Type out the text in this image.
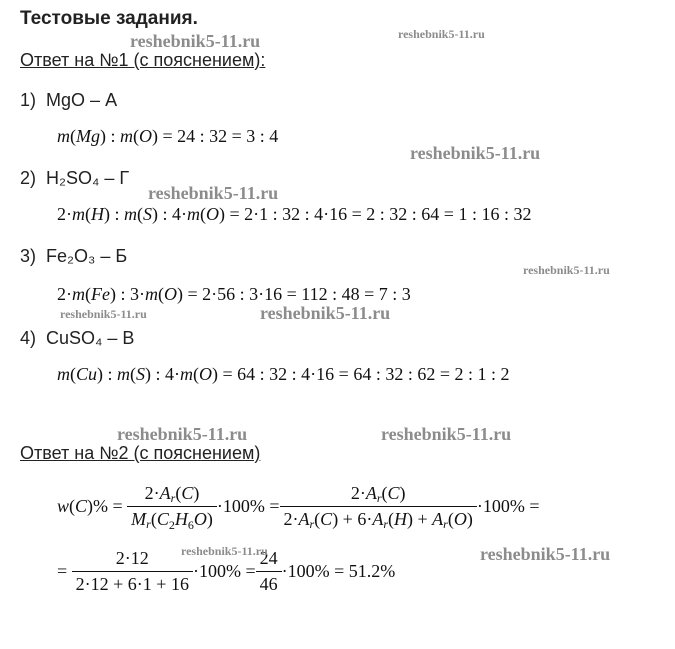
Тестовые задания.
Ответ на №1 (с пояснением):
1) MgO – А
m(Mg) : m(O) = 24 : 32 = 3 : 4
2) H₂SO₄ – Г
2·m(H) : m(S) : 4·m(O) = 2·1 : 32 : 4·16 = 2 : 32 : 64 = 1 : 16 : 32
3) Fe₂O₃ – Б
2·m(Fe) : 3·m(O) = 2·56 : 3·16 = 112 : 48 = 7 : 3
4) CuSO₄ – В
m(Cu) : m(S) : 4·m(O) = 64 : 32 : 4·16 = 64 : 32 : 62 = 2 : 1 : 2
Ответ на №2 (с пояснением)
$w(C)\% = \frac{2\cdot A_r(C)}{M_r(C_2H_6O)} \cdot 100\% = \frac{2\cdot A_r(C)}{2\cdot A_r(C) + 6\cdot A_r(H) + A_r(O)} \cdot 100\%$ =
= $\frac{2\cdot 12}{2\cdot 12 + 6\cdot 1 + 16} \cdot 100\% = \frac{24}{46} \cdot 100\% = 51.2\%$
reshebnik5-11.ru	reshebnik5-11.ru
reshebnik5-11.ru
reshebnik5-11.ru
reshebnik5-11.ru
reshebnik5-11.ru	reshebnik5-11.ru
reshebnik5-11.ru	reshebnik5-11.ru
reshebnik5-11.ru	reshebnik5-11.ru
